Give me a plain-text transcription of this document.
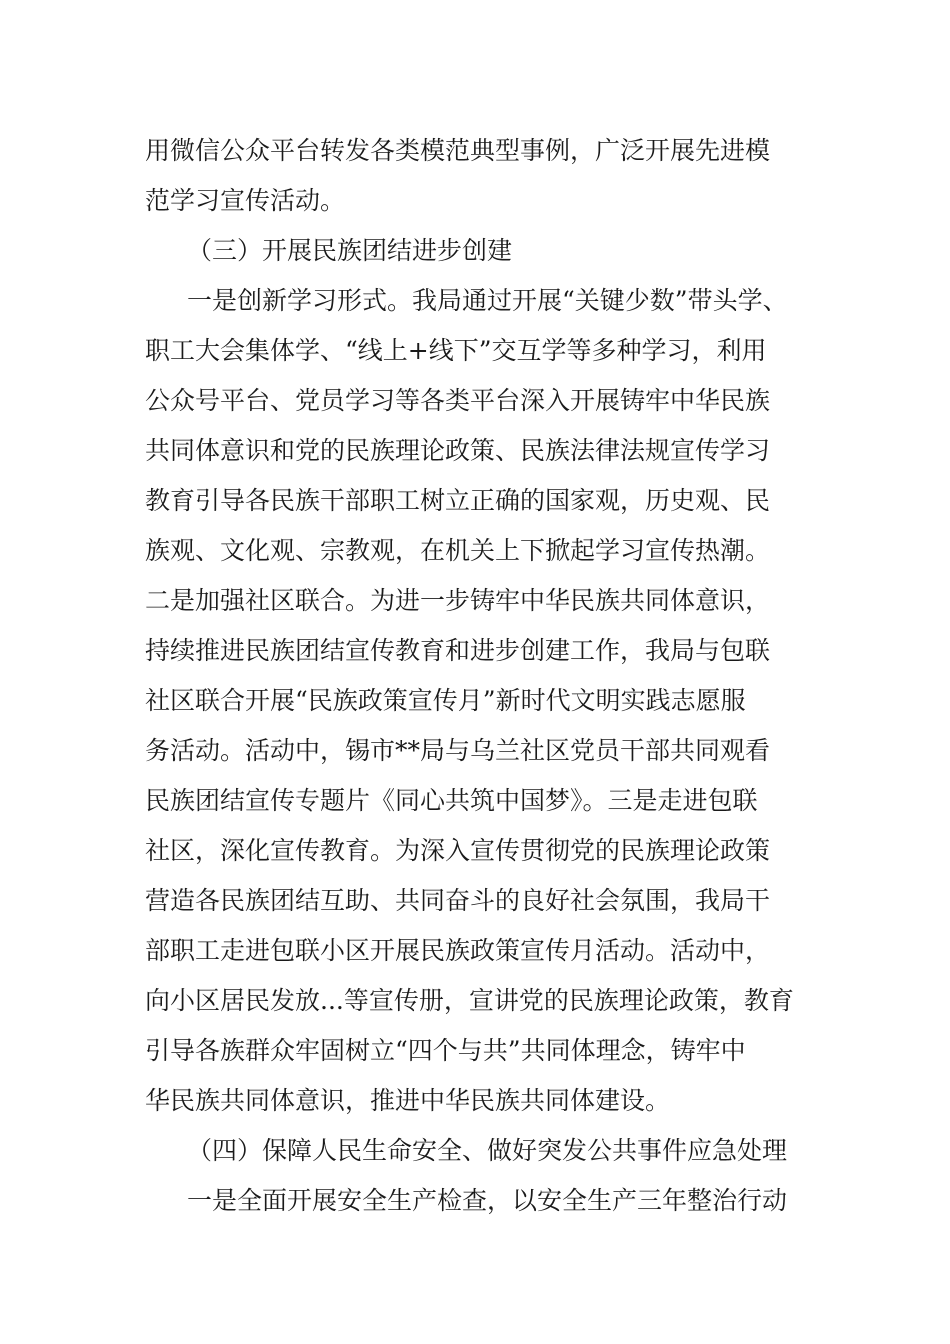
用微信公众平台转发各类模范典型事例，广泛开展先进模
范学习宣传活动。
（三）开展民族团结进步创建
一是创新学习形式。我局通过开展“关键少数”带头学、
职工大会集体学、“线上+线下”交互学等多种学习，利用
公众号平台、党员学习等各类平台深入开展铸牢中华民族
共同体意识和党的民族理论政策、民族法律法规宣传学习
教育引导各民族干部职工树立正确的国家观，历史观、民
族观、文化观、宗教观，在机关上下掀起学习宣传热潮。
二是加强社区联合。为进一步铸牢中华民族共同体意识，
持续推进民族团结宣传教育和进步创建工作，我局与包联
社区联合开展“民族政策宣传月”新时代文明实践志愿服
务活动。活动中，锡市**局与乌兰社区党员干部共同观看
民族团结宣传专题片《同心共筑中国梦》。三是走进包联
社区，深化宣传教育。为深入宣传贯彻党的民族理论政策
营造各民族团结互助、共同奋斗的良好社会氛围，我局干
部职工走进包联小区开展民族政策宣传月活动。活动中，
向小区居民发放...等宣传册，宣讲党的民族理论政策，教育
引导各族群众牢固树立“四个与共”共同体理念，铸牢中
华民族共同体意识，推进中华民族共同体建设。
（四）保障人民生命安全、做好突发公共事件应急处理
一是全面开展安全生产检查，以安全生产三年整治行动
